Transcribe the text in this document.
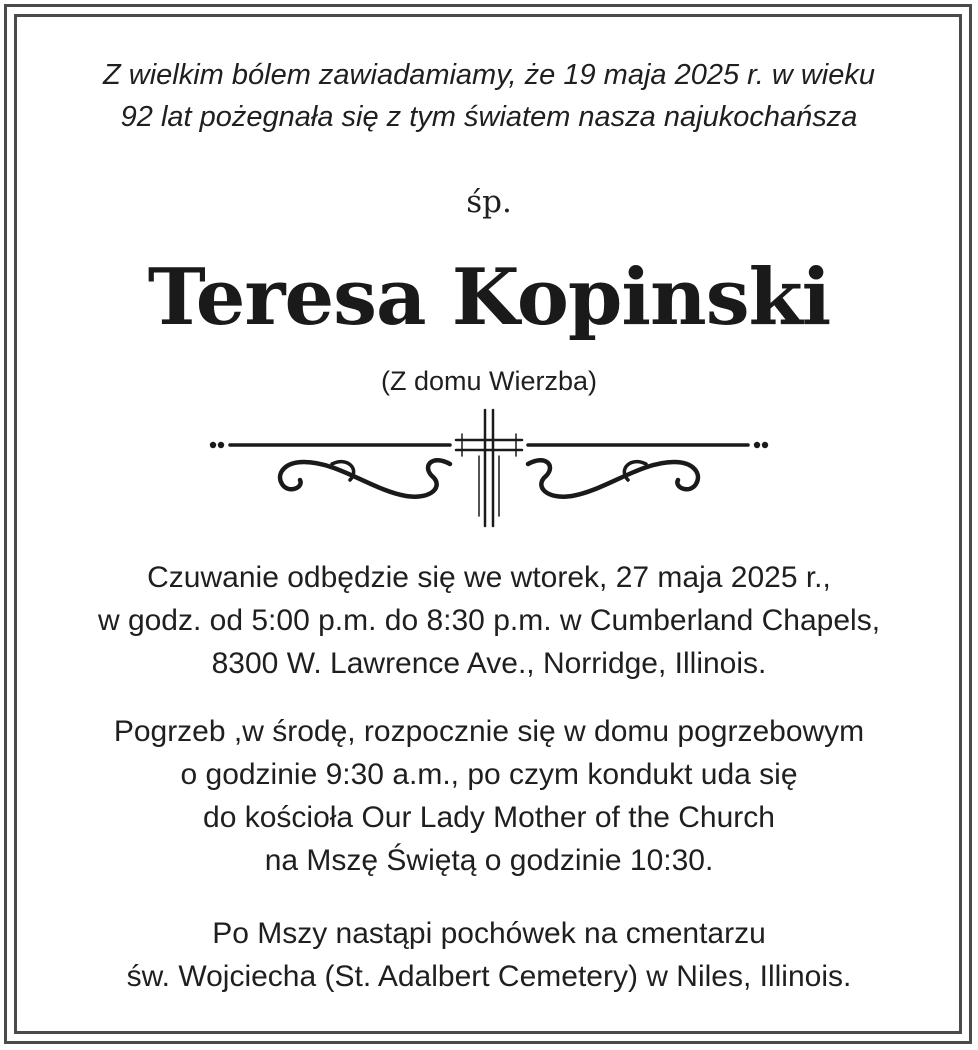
Z wielkim bólem zawiadamiamy, że 19 maja 2025 r. w wieku
92 lat pożegnała się z tym światem nasza najukochańsza

śp.

Teresa Kopinski

(Z domu Wierzba)

Czuwanie odbędzie się we wtorek, 27 maja 2025 r.,
w godz. od 5:00 p.m. do 8:30 p.m. w Cumberland Chapels,
8300 W. Lawrence Ave., Norridge, Illinois.

Pogrzeb ,w środę, rozpocznie się w domu pogrzebowym
o godzinie 9:30 a.m., po czym kondukt uda się
do kościoła Our Lady Mother of the Church
na Mszę Świętą o godzinie 10:30.

Po Mszy nastąpi pochówek na cmentarzu
św. Wojciecha (St. Adalbert Cemetery) w Niles, Illinois.
